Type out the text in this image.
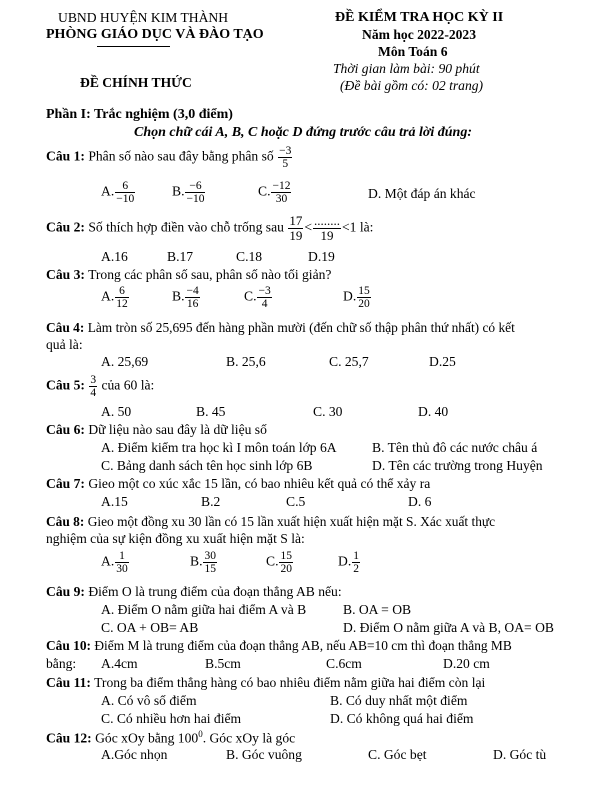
UBND HUYỆN KIM THÀNH
PHÒNG GIÁO DỤC VÀ ĐÀO TẠO
ĐỀ CHÍNH THỨC
ĐỀ KIỂM TRA HỌC KỲ II
Năm học 2022-2023
Môn Toán 6
Thời gian làm bài: 90 phút
(Đề bài gồm có: 02 trang)
Phần I: Trắc nghiệm (3,0 điểm)
Chọn chữ cái A, B, C hoặc D đứng trước câu trả lời đúng:
Câu 1: Phân số nào sau đây bằng phân số $\frac{-3}{5}$
A. $\frac{6}{-10}$	B. $\frac{-6}{-10}$	C. $\frac{-12}{30}$	D. Một đáp án khác
Câu 2: Số thích hợp điền vào chỗ trống sau $\frac{17}{19} < \frac{........}{19} <1$ là:
A.16	B.17	C.18	D.19
Câu 3: Trong các phân số sau, phân số nào tối giản?
A. $\frac{6}{12}$	B. $\frac{-4}{16}$	C. $\frac{-3}{4}$	D. $\frac{15}{20}$
Câu 4: Làm tròn số 25,695 đến hàng phần mười (đến chữ số thập phân thứ nhất) có kết
quả là:
A. 25,69	B. 25,6	C. 25,7	D.25
Câu 5: $\frac{3}{4}$ của 60 là:
A. 50	B. 45	C. 30	D. 40
Câu 6: Dữ liệu nào sau đây là dữ liệu số
A. Điểm kiểm tra học kì I môn toán lớp 6A	B. Tên thủ đô các nước châu á
C. Bảng danh sách tên học sinh lớp 6B	D. Tên các trường trong Huyện
Câu 7: Gieo một co xúc xắc 15 lần, có bao nhiêu kết quả có thể xảy ra
A.15	B.2	C.5	D. 6
Câu 8: Gieo một đồng xu 30 lần có 15 lần xuất hiện xuất hiện mặt S. Xác xuất thực
nghiệm của sự kiện đồng xu xuất hiện mặt S là:
A. $\frac{1}{30}$	B. $\frac{30}{15}$	C. $\frac{15}{20}$	D. $\frac{1}{2}$
Câu 9: Điểm O là trung điểm của đoạn thẳng AB nếu:
A. Điểm O nằm giữa hai điểm A và B	B. OA = OB
C. OA + OB= AB	D. Điểm O nằm giữa A và B, OA= OB
Câu 10: Điểm M là trung điểm của đoạn thẳng AB, nếu AB=10 cm thì đoạn thẳng MB
bằng: A.4cm	B.5cm	C.6cm	D.20 cm
Câu 11: Trong ba điểm thẳng hàng có bao nhiêu điểm nằm giữa hai điểm còn lại
A. Có vô số điểm	B. Có duy nhất một điểm
C. Có nhiều hơn hai điểm	D. Có không quá hai điểm
Câu 12: Góc xOy bằng $100^0$. Góc xOy là góc
A.Góc nhọn	B. Góc vuông	C. Góc bẹt	D. Góc tù
